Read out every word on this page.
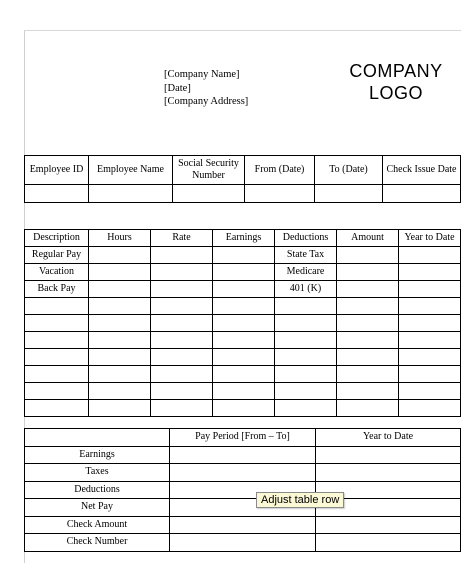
[Company Name]
[Date]
[Company Address]
COMPANY
LOGO
Employee ID	Employee Name	Social Security Number	From (Date)	To (Date)	Check Issue Date

Description	Hours	Rate	Earnings	Deductions	Amount	Year to Date
Regular Pay				State Tax		
Vacation				Medicare		
Back Pay				401 (K)		

	Pay Period [From – To]	Year to Date
Earnings		
Taxes		
Deductions		
Net Pay		
Check Amount		
Check Number		
Adjust table row
